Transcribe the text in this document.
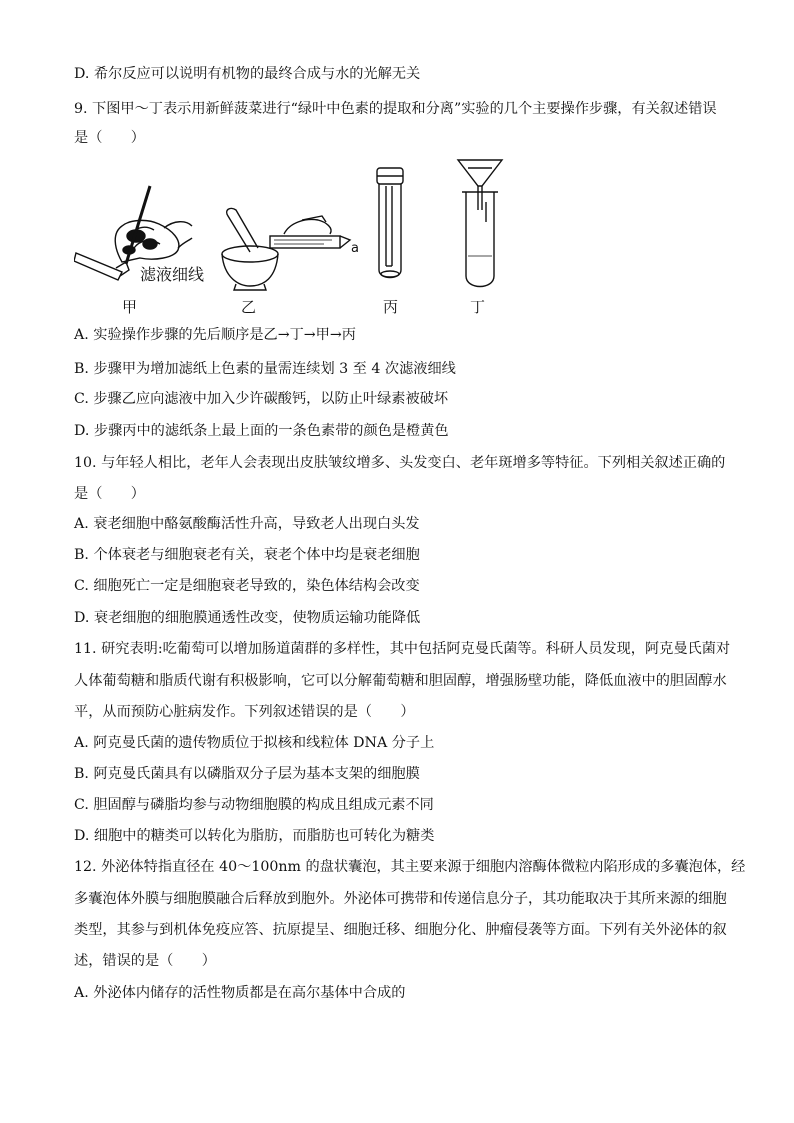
D. 希尔反应可以说明有机物的最终合成与水的光解无关
9. 下图甲～丁表示用新鲜菠菜进行“绿叶中色素的提取和分离”实验的几个主要操作步骤，有关叙述错误
是（　　）
滤液细线
a
甲	乙	丙	丁
A. 实验操作步骤的先后顺序是乙→丁→甲→丙
B. 步骤甲为增加滤纸上色素的量需连续划 3 至 4 次滤液细线
C. 步骤乙应向滤液中加入少许碳酸钙，以防止叶绿素被破坏
D. 步骤丙中的滤纸条上最上面的一条色素带的颜色是橙黄色
10. 与年轻人相比，老年人会表现出皮肤皱纹增多、头发变白、老年斑增多等特征。下列相关叙述正确的
是（　　）
A. 衰老细胞中酪氨酸酶活性升高，导致老人出现白头发
B. 个体衰老与细胞衰老有关，衰老个体中均是衰老细胞
C. 细胞死亡一定是细胞衰老导致的，染色体结构会改变
D. 衰老细胞的细胞膜通透性改变，使物质运输功能降低
11. 研究表明:吃葡萄可以增加肠道菌群的多样性，其中包括阿克曼氏菌等。科研人员发现，阿克曼氏菌对
人体葡萄糖和脂质代谢有积极影响，它可以分解葡萄糖和胆固醇，增强肠壁功能，降低血液中的胆固醇水
平，从而预防心脏病发作。下列叙述错误的是（　　）
A. 阿克曼氏菌的遗传物质位于拟核和线粒体 DNA 分子上
B. 阿克曼氏菌具有以磷脂双分子层为基本支架的细胞膜
C. 胆固醇与磷脂均参与动物细胞膜的构成且组成元素不同
D. 细胞中的糖类可以转化为脂肪，而脂肪也可转化为糖类
12. 外泌体特指直径在 40～100nm 的盘状囊泡，其主要来源于细胞内溶酶体微粒内陷形成的多囊泡体，经
多囊泡体外膜与细胞膜融合后释放到胞外。外泌体可携带和传递信息分子，其功能取决于其所来源的细胞
类型，其参与到机体免疫应答、抗原提呈、细胞迁移、细胞分化、肿瘤侵袭等方面。下列有关外泌体的叙
述，错误的是（　　）
A. 外泌体内储存的活性物质都是在高尔基体中合成的
